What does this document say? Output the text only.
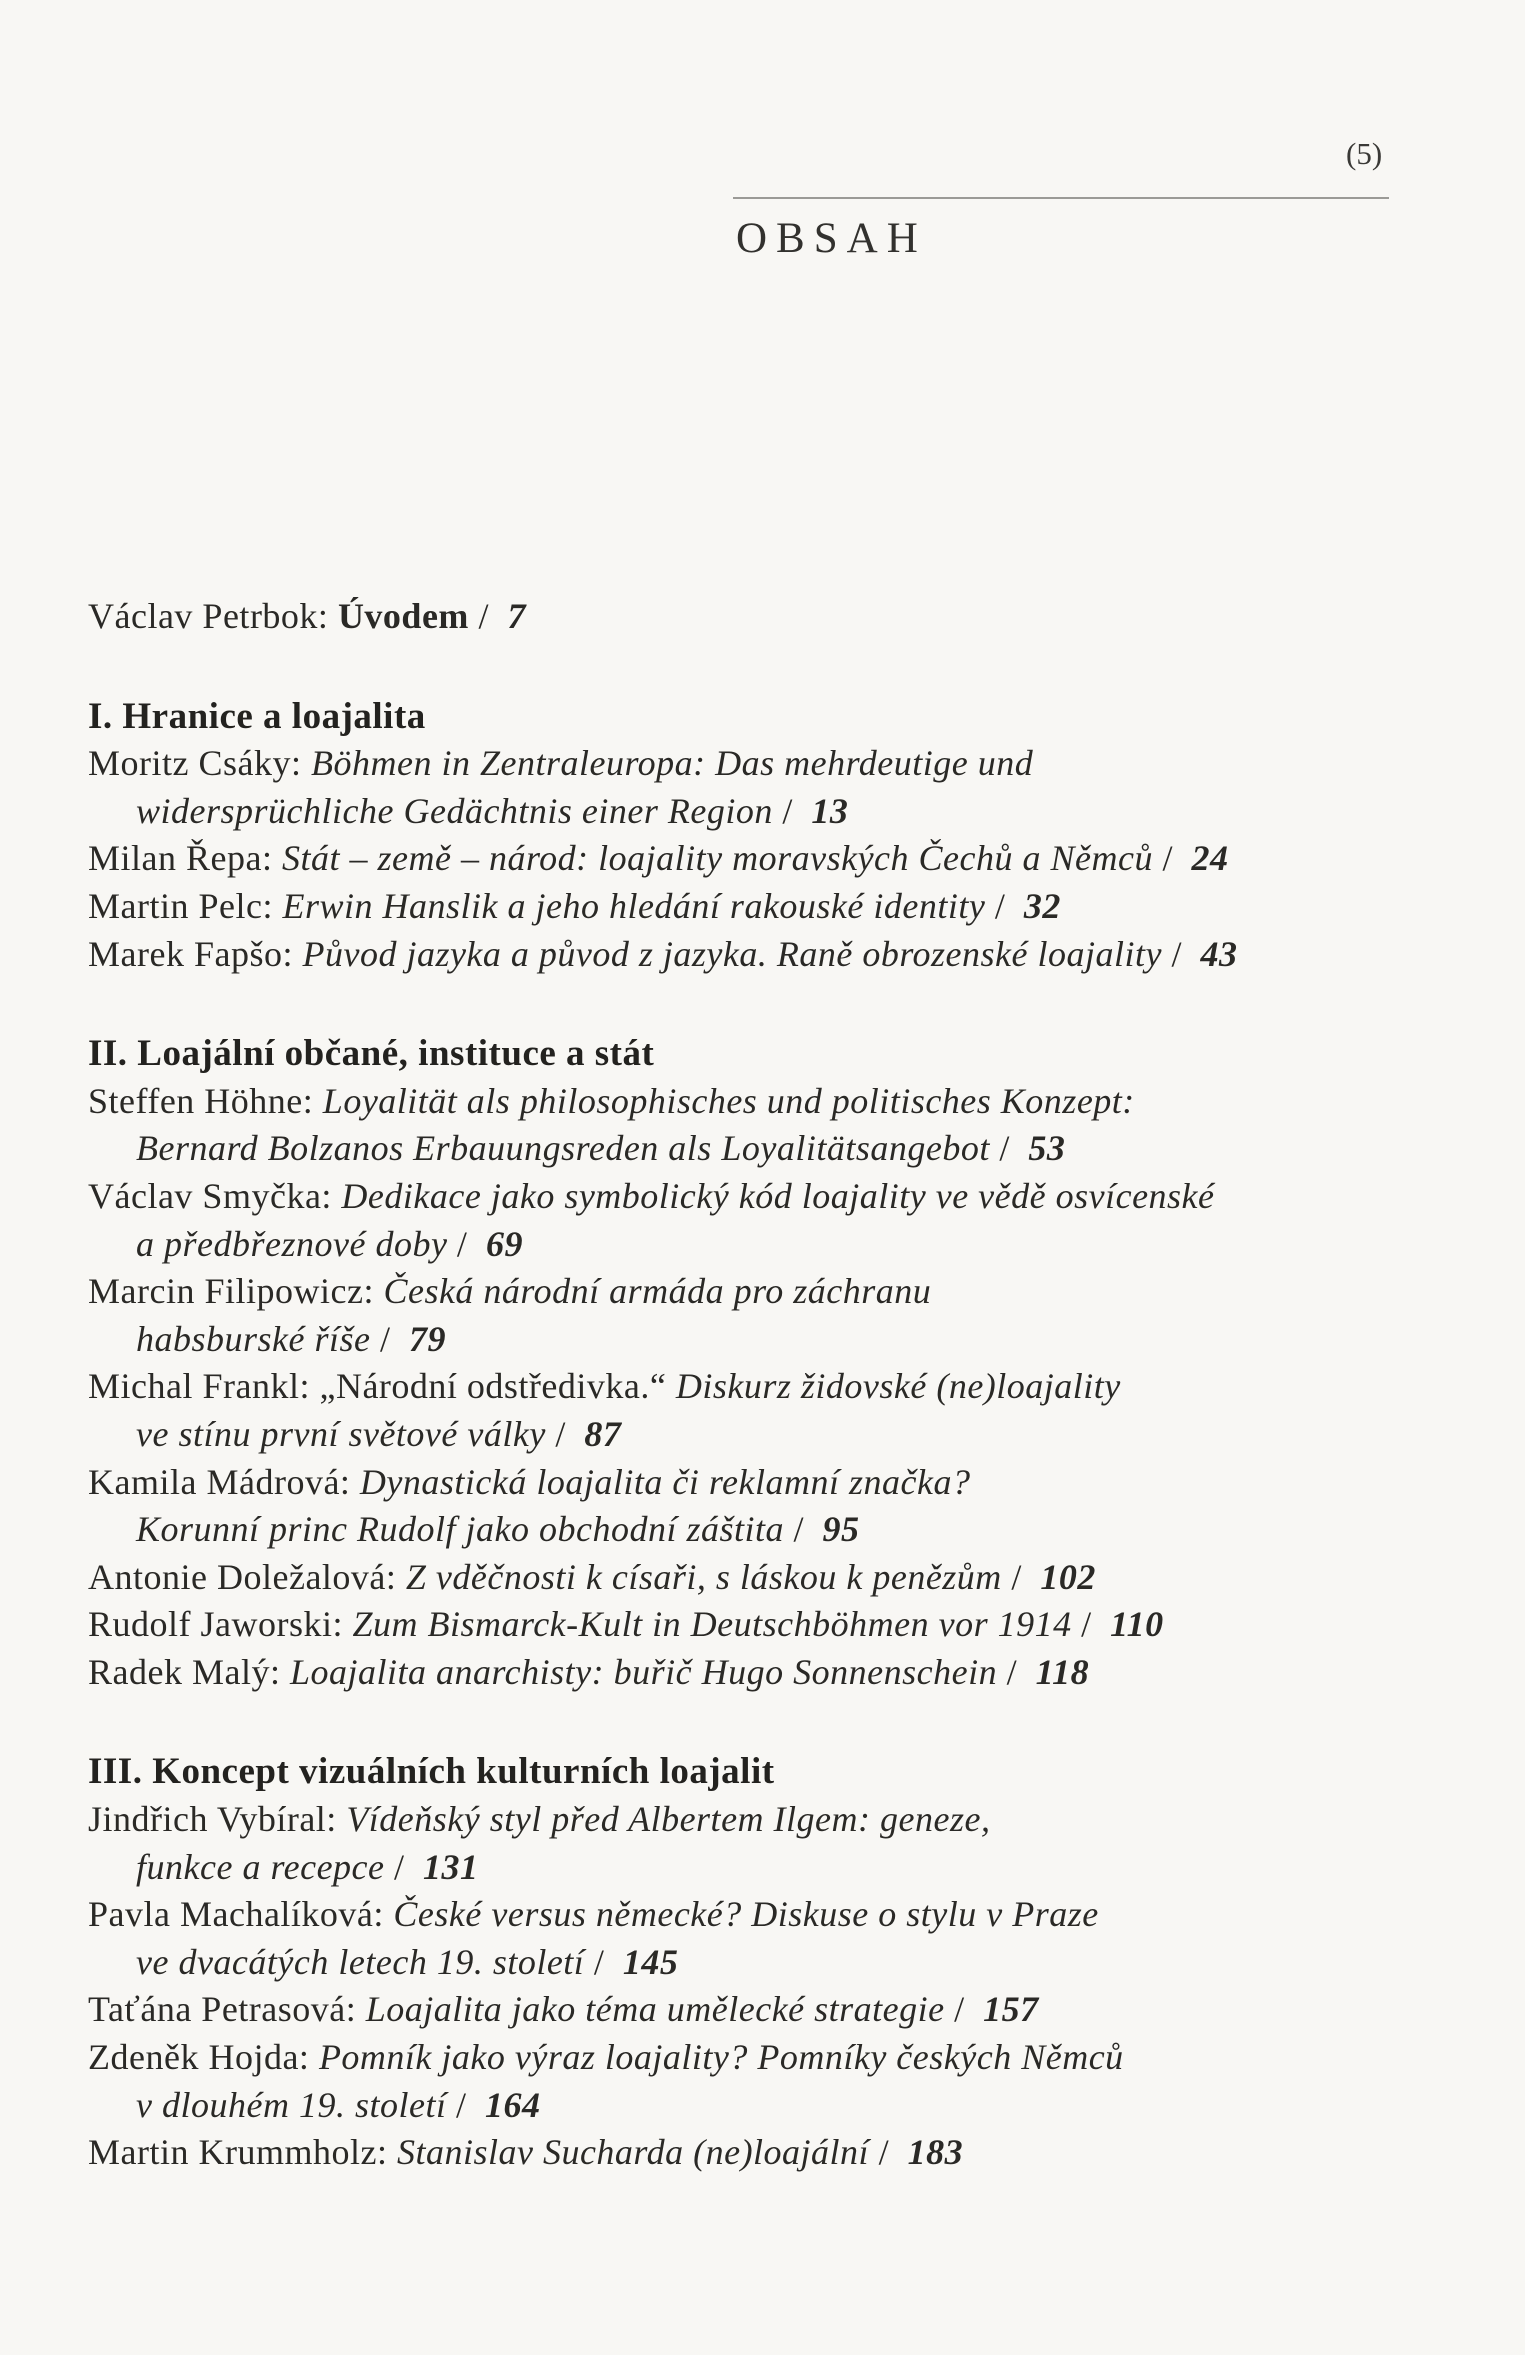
(5)
OBSAH
Václav Petrbok: Úvodem / 7
I. Hranice a loajalita
Moritz Csáky: Böhmen in Zentraleuropa: Das mehrdeutige und
widersprüchliche Gedächtnis einer Region / 13
Milan Řepa: Stát – země – národ: loajality moravských Čechů a Němců / 24
Martin Pelc: Erwin Hanslik a jeho hledání rakouské identity / 32
Marek Fapšo: Původ jazyka a původ z jazyka. Raně obrozenské loajality / 43
II. Loajální občané, instituce a stát
Steffen Höhne: Loyalität als philosophisches und politisches Konzept:
Bernard Bolzanos Erbauungsreden als Loyalitätsangebot / 53
Václav Smyčka: Dedikace jako symbolický kód loajality ve vědě osvícenské
a předbřeznové doby / 69
Marcin Filipowicz: Česká národní armáda pro záchranu
habsburské říše / 79
Michal Frankl: „Národní odstředivka.“ Diskurz židovské (ne)loajality
ve stínu první světové války / 87
Kamila Mádrová: Dynastická loajalita či reklamní značka?
Korunní princ Rudolf jako obchodní záštita / 95
Antonie Doležalová: Z vděčnosti k císaři, s láskou k penězům / 102
Rudolf Jaworski: Zum Bismarck-Kult in Deutschböhmen vor 1914 / 110
Radek Malý: Loajalita anarchisty: buřič Hugo Sonnenschein / 118
III. Koncept vizuálních kulturních loajalit
Jindřich Vybíral: Vídeňský styl před Albertem Ilgem: geneze,
funkce a recepce / 131
Pavla Machalíková: České versus německé? Diskuse o stylu v Praze
ve dvacátých letech 19. století / 145
Taťána Petrasová: Loajalita jako téma umělecké strategie / 157
Zdeněk Hojda: Pomník jako výraz loajality? Pomníky českých Němců
v dlouhém 19. století / 164
Martin Krummholz: Stanislav Sucharda (ne)loajální / 183
